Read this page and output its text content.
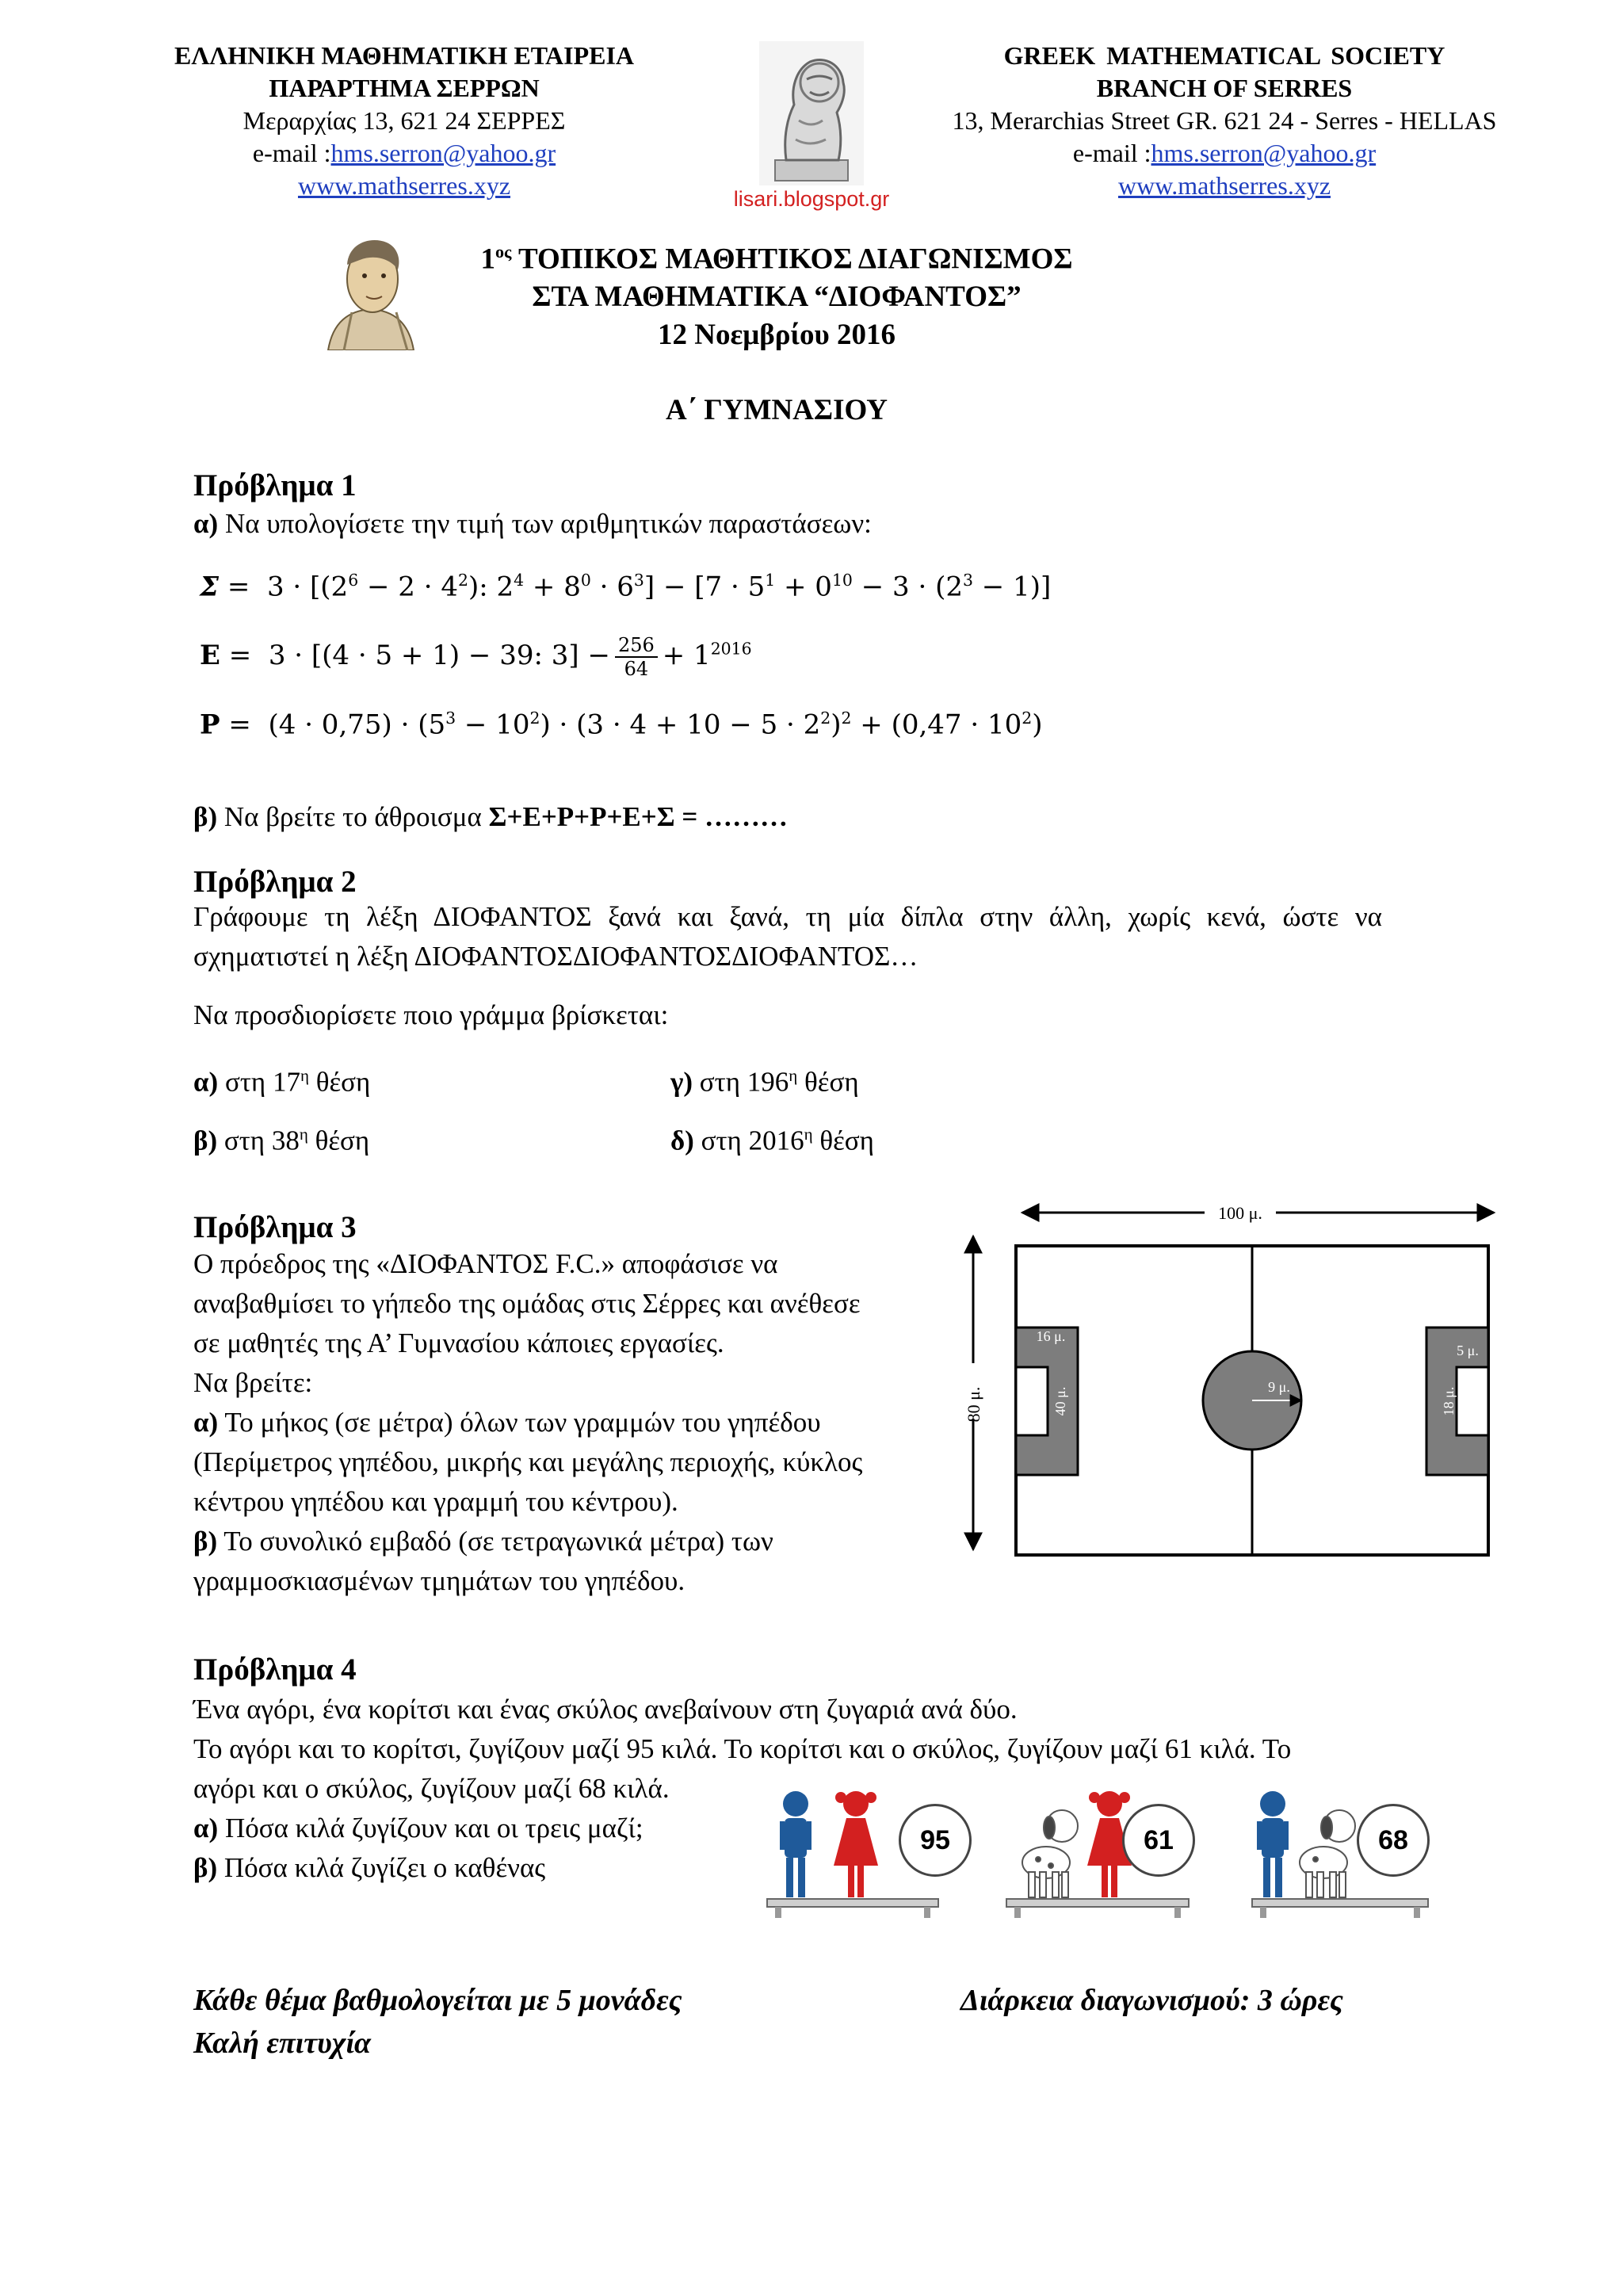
ΕΛΛΗΝΙΚΗ ΜΑΘΗΜΑΤΙΚΗ ΕΤΑΙΡΕΙΑ
ΠΑΡΑΡΤΗΜΑ ΣΕΡΡΩΝ
Μεραρχίας 13, 621 24 ΣΕΡΡΕΣ
e-mail :hms.serron@yahoo.gr
www.mathserres.xyz	lisari.blogspot.gr
GREEK MATHEMATICAL SOCIETY
BRANCH OF SERRES
13, Merarchias Street GR. 621 24 - Serres - HELLAS
e-mail :hms.serron@yahoo.gr
www.mathserres.xyz
$1^{o\varsigma}$ ΤΟΠΙΚΟΣ ΜΑΘΗΤΙΚΟΣ ΔΙΑΓΩΝΙΣΜΟΣ
ΣΤΑ ΜΑΘΗΜΑΤΙΚΑ “ΔΙΟΦΑΝΤΟΣ”
12 Νοεμβρίου 2016
Α΄ ΓΥΜΝΑΣΙΟΥ
Πρόβλημα 1
α) Να υπολογίσετε την τιμή των αριθμητικών παραστάσεων:
$\Sigma = 3 \cdot [(2^6 - 2 \cdot 4^2)$: $2^4 + 8^0 \cdot 6^3] - [7 \cdot 5^1 + 0^{10} - 3 \cdot (2^3 - 1)]$
Ε =  3 · [(4 · 5 + 1) − 39: $3] - \frac{256}{64} + 1^{2016}$
$P = (4 \cdot 0,75) \cdot (5^3 - 10^2) \cdot (3 \cdot 4 + 10 - 5 \cdot 2^2)^2 + (0,47 \cdot 10^2)$
β) Να βρείτε το άθροισμα Σ+Ε+Ρ+Ρ+Ε+Σ = ………
Πρόβλημα 2
Γράφουμε τη λέξη ΔΙΟΦΑΝΤΟΣ ξανά και ξανά, τη μία δίπλα στην άλλη, χωρίς κενά, ώστε να σχηματιστεί η λέξη ΔΙΟΦΑΝΤΟΣΔΙΟΦΑΝΤΟΣΔΙΟΦΑΝΤΟΣ…
Να προσδιορίσετε ποιο γράμμα βρίσκεται:
α) στη $17^\eta$ θέση
β) στη $38^\eta$ θέση
γ) στη $196^\eta$ θέση
δ) στη $2016^\eta$ θέση
Πρόβλημα 3
Ο πρόεδρος της «ΔΙΟΦΑΝΤΟΣ F.C.» αποφάσισε να
αναβαθμίσει το γήπεδο της ομάδας στις Σέρρες και ανέθεσε
σε μαθητές της Α’ Γυμνασίου κάποιες εργασίες.
Να βρείτε:
α) Το μήκος (σε μέτρα) όλων των γραμμών του γηπέδου
(Περίμετρος γηπέδου, μικρής και μεγάλης περιοχής, κύκλος
κέντρου γηπέδου και γραμμή του κέντρου).
β) Το συνολικό εμβαδό (σε τετραγωνικά μέτρα) των
γραμμοσκιασμένων τμημάτων του γηπέδου.
100 μ.
80 μ.	9 μ.
16 μ.
40 μ.
5 μ.
18 μ.
Πρόβλημα 4
Ένα αγόρι, ένα κορίτσι και ένας σκύλος ανεβαίνουν στη ζυγαριά ανά δύο.
Το αγόρι και το κορίτσι, ζυγίζουν μαζί 95 κιλά. Το κορίτσι και ο σκύλος, ζυγίζουν μαζί 61 κιλά. Το
αγόρι και ο σκύλος, ζυγίζουν μαζί 68 κιλά.
α) Πόσα κιλά ζυγίζουν και οι τρεις μαζί;
β) Πόσα κιλά ζυγίζει ο καθένας
95	61	68
Κάθε θέμα βαθμολογείται με 5 μονάδες	Διάρκεια διαγωνισμού: 3 ώρες
Καλή επιτυχία
